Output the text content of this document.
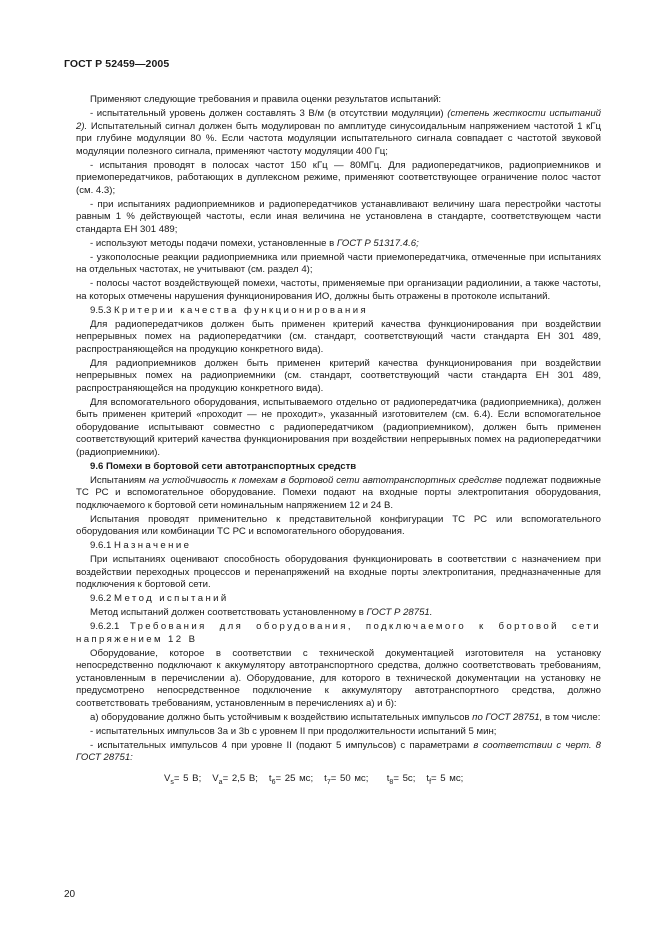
ГОСТ Р 52459—2005

Применяют следующие требования и правила оценки результатов испытаний:

- испытательный уровень должен составлять 3 В/м (в отсутствии модуляции) (степень жесткости испытаний 2). Испытательный сигнал должен быть модулирован по амплитуде синусоидальным напряжением частотой 1 кГц при глубине модуляции 80 %. Если частота модуляции испытательного сигнала совпадает с частотой звуковой модуляции полезного сигнала, применяют частоту модуляции 400 Гц;

- испытания проводят в полосах частот 150 кГц — 80МГц. Для радиопередатчиков, радиоприемников и приемопередатчиков, работающих в дуплексном режиме, применяют соответствующее ограничение полос частот (см. 4.3);

- при испытаниях радиоприемников и радиопередатчиков устанавливают величину шага перестройки частоты равным 1 % действующей частоты, если иная величина не установлена в стандарте, соответствующем части стандарта ЕН 301 489;

- используют методы подачи помехи, установленные в ГОСТ Р 51317.4.6;

- узкополосные реакции радиоприемника или приемной части приемопередатчика, отмеченные при испытаниях на отдельных частотах, не учитывают (см. раздел 4);

- полосы частот воздействующей помехи, частоты, применяемые при организации радиолинии, а также частоты, на которых отмечены нарушения функционирования ИО, должны быть отражены в протоколе испытаний.

9.5.3 Критерии качества функционирования

Для радиопередатчиков должен быть применен критерий качества функционирования при воздействии непрерывных помех на радиопередатчики (см. стандарт, соответствующий части стандарта ЕН 301 489, распространяющейся на продукцию конкретного вида).

Для радиоприемников должен быть применен критерий качества функционирования при воздействии непрерывных помех на радиоприемники (см. стандарт, соответствующий части стандарта ЕН 301 489, распространяющейся на продукцию конкретного вида).

Для вспомогательного оборудования, испытываемого отдельно от радиопередатчика (радиоприемника), должен быть применен критерий «проходит — не проходит», указанный изготовителем (см. 6.4). Если вспомогательное оборудование испытывают совместно с радиопередатчиком (радиоприемником), должен быть применен соответствующий критерий качества функционирования при воздействии непрерывных помех на радиопередатчики (радиоприемники).

9.6 Помехи в бортовой сети автотранспортных средств

Испытаниям на устойчивость к помехам в бортовой сети автотранспортных средстве подлежат подвижные ТС РС и вспомогательное оборудование. Помехи подают на входные порты электропитания оборудования, подключаемого к бортовой сети номинальным напряжением 12 и 24 В.

Испытания проводят применительно к представительной конфигурации ТС РС или вспомогательного оборудования или комбинации ТС РС и вспомогательного оборудования.

9.6.1 Назначение

При испытаниях оценивают способность оборудования функционировать в соответствии с назначением при воздействии переходных процессов и перенапряжений на входные порты электропитания, предназначенные для подключения к бортовой сети.

9.6.2 Метод испытаний

Метод испытаний должен соответствовать установленному в ГОСТ Р 28751.

9.6.2.1 Требования для оборудования, подключаемого к бортовой сети напряжением 12 В

Оборудование, которое в соответствии с технической документацией изготовителя на установку непосредственно подключают к аккумулятору автотранспортного средства, должно соответствовать требованиям, установленным в перечислении а). Оборудование, для которого в технической документации на установку не предусмотрено непосредственное подключение к аккумулятору автотранспортного средства, должно соответствовать требованиям, установленным в перечислениях а) и б):

а) оборудование должно быть устойчивым к воздействию испытательных импульсов по ГОСТ 28751, в том числе:

- испытательных импульсов 3а и 3b с уровнем II при продолжительности испытаний 5 мин;

- испытательных импульсов 4 при уровне II (подают 5 импульсов) с параметрами в соответствии с черт. 8 ГОСТ 28751:

$V_s= 5$ В; $V_a= 2,5$ В; $t_6= 25$ мс; $t_7= 50$ мс; $t_8= 5с$; $t_f= 5$ мс;

20
